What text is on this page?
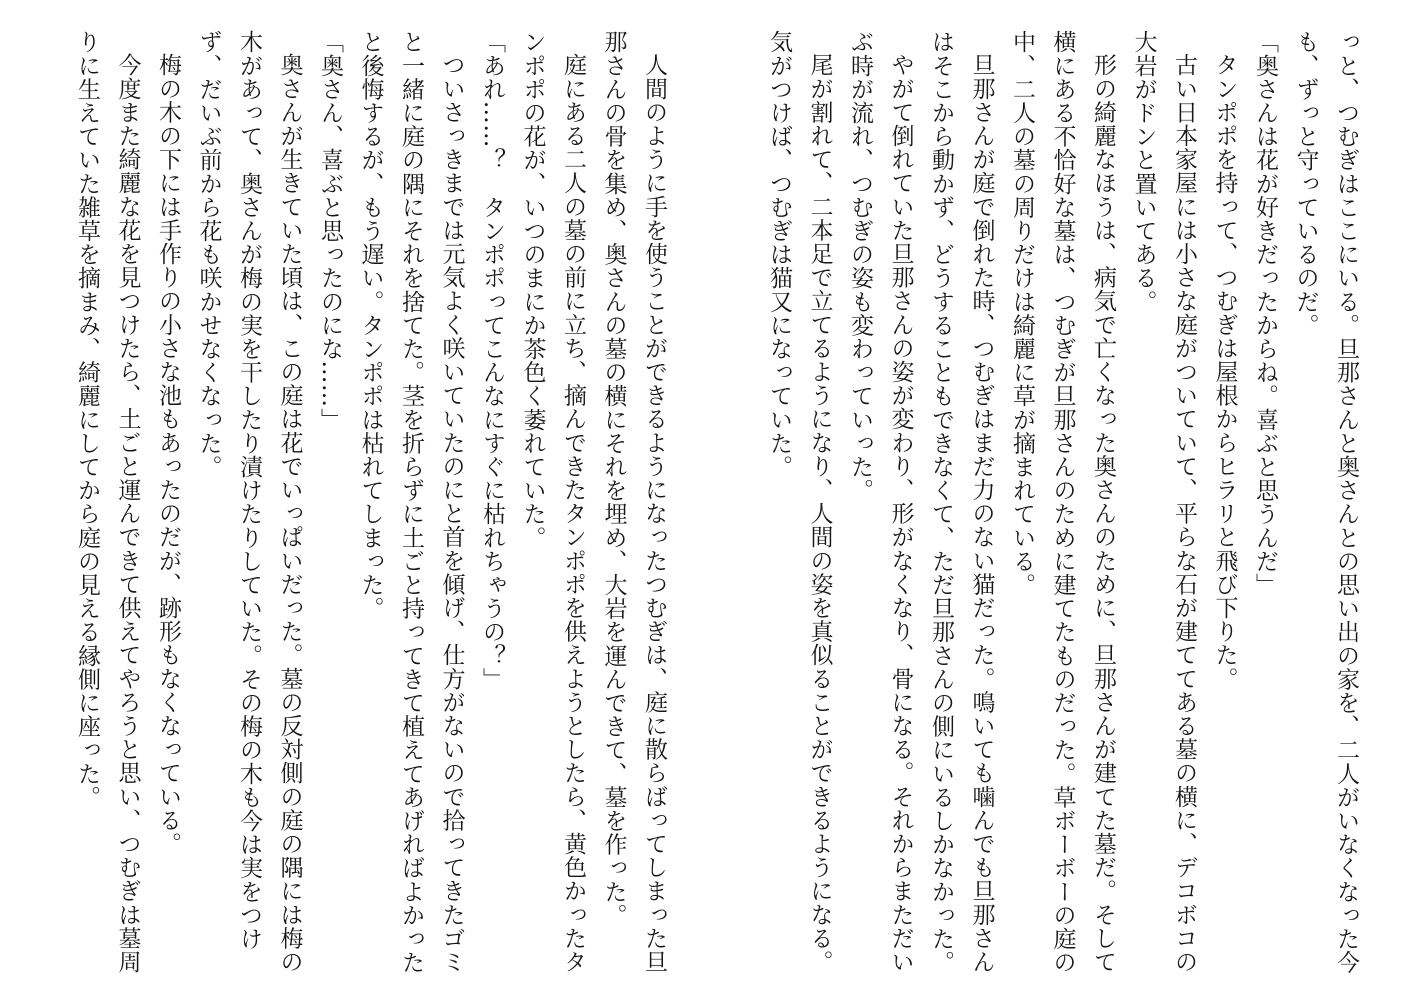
っと、つむぎはここにいる。旦那さんと奥さんとの思い出の家を、二人がいなくなった今も、ずっと守っているのだ。

「奥さんは花が好きだったからね。喜ぶと思うんだ」

タンポポを持って、つむぎは屋根からヒラリと飛び下りた。

古い日本家屋には小さな庭がついていて、平らな石が建ててある墓の横に、デコボコの大岩がドンと置いてある。

形の綺麗なほうは、病気で亡くなった奥さんのために、旦那さんが建てた墓だ。そして横にある不恰好な墓は、つむぎが旦那さんのために建てたものだった。草ボーボーの庭の中、二人の墓の周りだけは綺麗に草が摘まれている。

旦那さんが庭で倒れた時、つむぎはまだ力のない猫だった。鳴いても噛んでも旦那さんはそこから動かず、どうすることもできなくて、ただ旦那さんの側にいるしかなかった。

やがて倒れていた旦那さんの姿が変わり、形がなくなり、骨になる。それからまただいぶ時が流れ、つむぎの姿も変わっていった。

尾が割れて、二本足で立てるようになり、人間の姿を真似ることができるようになる。気がつけば、つむぎは猫又になっていた。

人間のように手を使うことができるようになったつむぎは、庭に散らばってしまった旦那さんの骨を集め、奥さんの墓の横にそれを埋め、大岩を運んできて、墓を作った。

庭にある二人の墓の前に立ち、摘んできたタンポポを供えようとしたら、黄色かったタンポポの花が、いつのまにか茶色く萎れていた。

「あれ……？　タンポポってこんなにすぐに枯れちゃうの？」

ついさっきまでは元気よく咲いていたのにと首を傾げ、仕方がないので拾ってきたゴミと一緒に庭の隅にそれを捨てた。茎を折らずに土ごと持ってきて植えてあげればよかったと後悔するが、もう遅い。タンポポは枯れてしまった。

「奥さん、喜ぶと思ったのにな……」

奥さんが生きていた頃は、この庭は花でいっぱいだった。墓の反対側の庭の隅には梅の木があって、奥さんが梅の実を干したり漬けたりしていた。その梅の木も今は実をつけず、だいぶ前から花も咲かせなくなった。

梅の木の下には手作りの小さな池もあったのだが、跡形もなくなっている。

今度また綺麗な花を見つけたら、土ごと運んできて供えてやろうと思い、つむぎは墓周りに生えていた雑草を摘まみ、綺麗にしてから庭の見える縁側に座った。
